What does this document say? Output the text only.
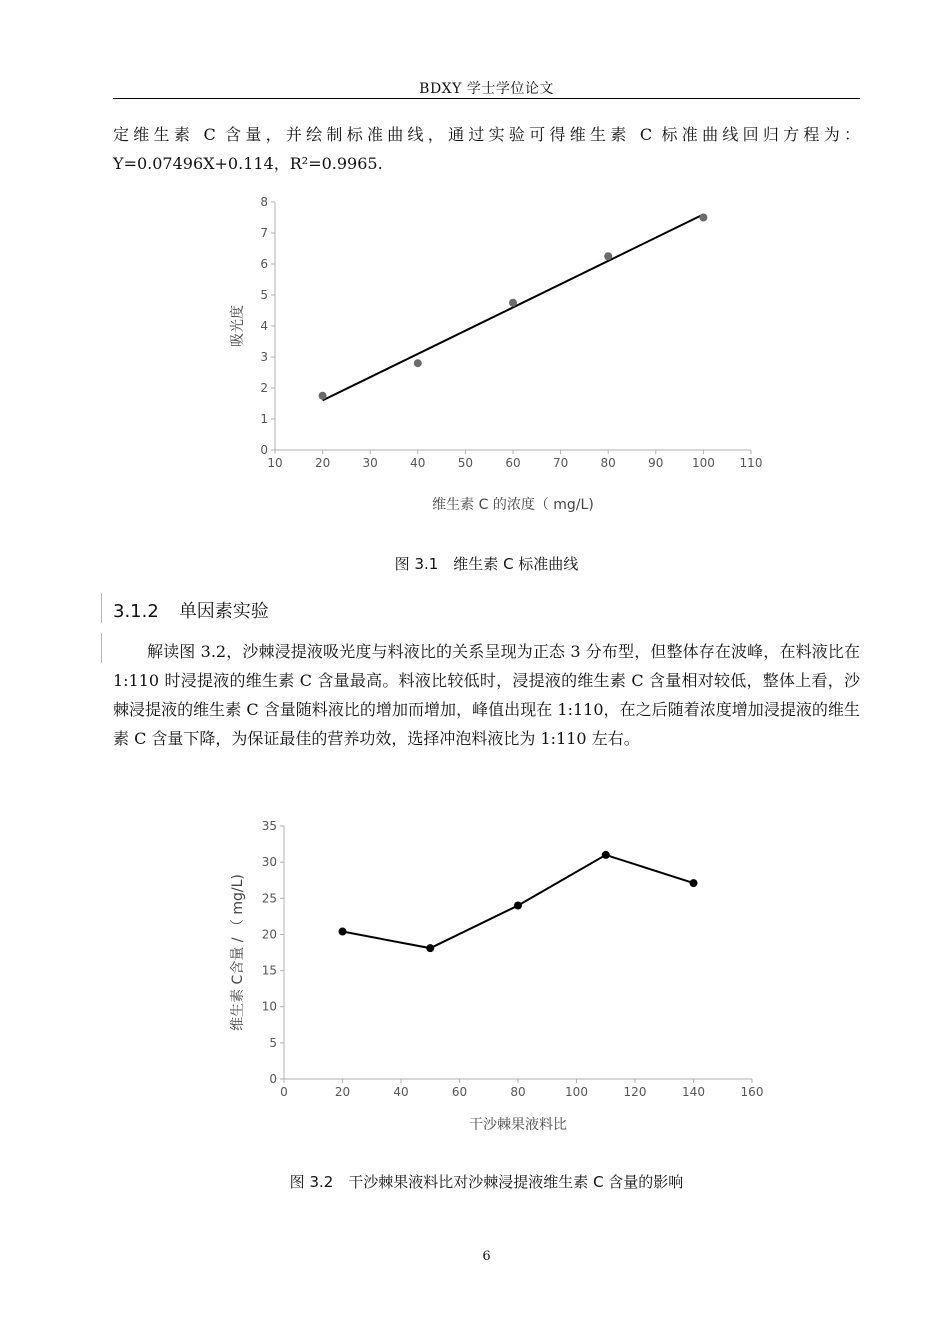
BDXY 学士学位论文
定维生素 C 含量，并绘制标准曲线，通过实验可得维生素 C 标准曲线回归方程为：Y=0.07496X+0.114，R²=0.9965.
0
1
2
3
4
5
6
7
8
10	20	30	40	50	60	70	80	90 100 110
维生素 C 的浓度（ mg/L)
吸光度
图 3.1　维生素 C 标准曲线
3.1.2 单因素实验
解读图 3.2，沙棘浸提液吸光度与料液比的关系呈现为正态 3 分布型，但整体存在波峰，在料液比在 1:110 时浸提液的维生素 C 含量最高。料液比较低时，浸提液的维生素 C 含量相对较低，整体上看，沙棘浸提液的维生素 C 含量随料液比的增加而增加，峰值出现在 1:110，在之后随着浓度增加浸提液的维生素 C 含量下降，为保证最佳的营养功效，选择冲泡料液比为 1:110 左右。
0
5
10
15
20
25
30
35
0	20	40	60	80	100	120	140	160
干沙棘果液料比
维生素 C含量 / （ mg/L)
图 3.2　干沙棘果液料比对沙棘浸提液维生素 C 含量的影响
6
